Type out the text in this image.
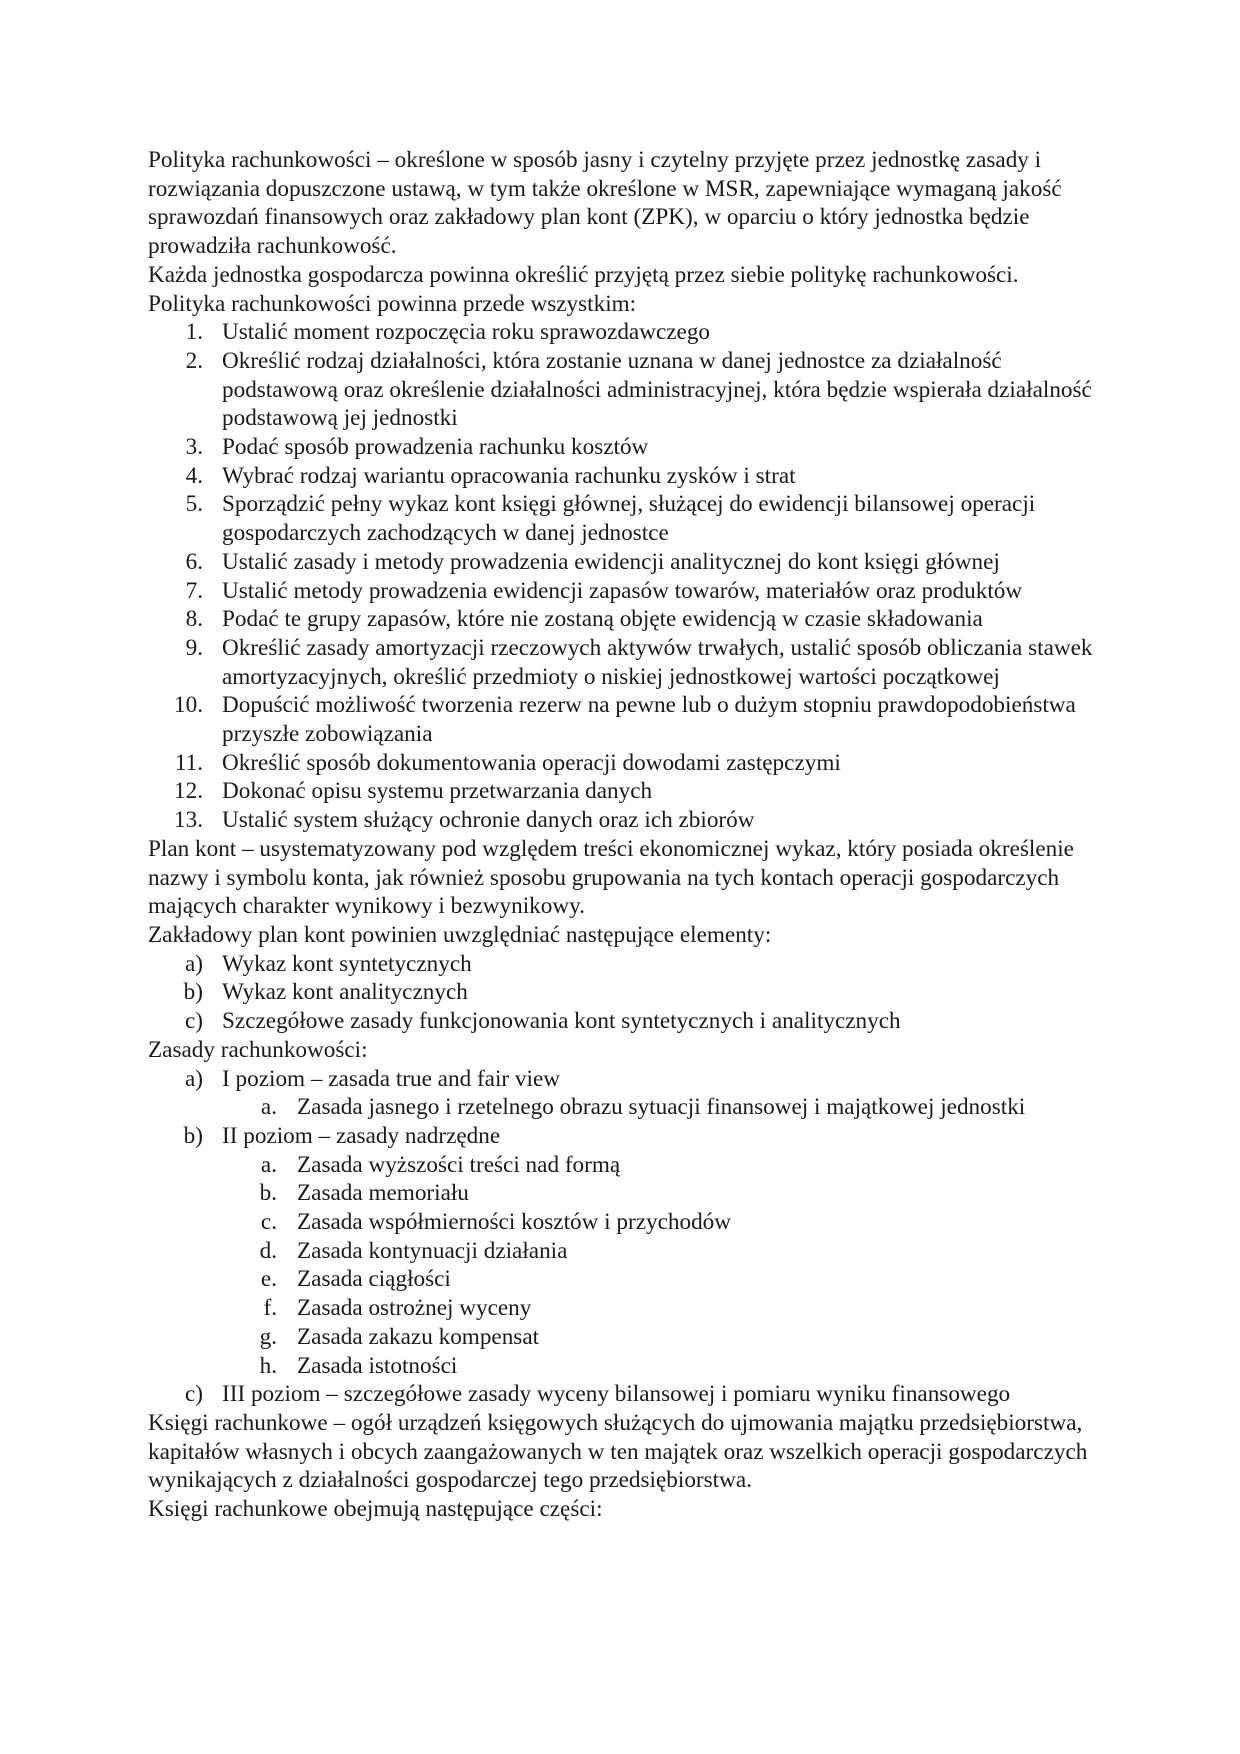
Polityka rachunkowości – określone w sposób jasny i czytelny przyjęte przez jednostkę zasady i rozwiązania dopuszczone ustawą, w tym także określone w MSR, zapewniające wymaganą jakość sprawozdań finansowych oraz zakładowy plan kont (ZPK), w oparciu o który jednostka będzie prowadziła rachunkowość.

Każda jednostka gospodarcza powinna określić przyjętą przez siebie politykę rachunkowości.

Polityka rachunkowości powinna przede wszystkim:

1. Ustalić moment rozpoczęcia roku sprawozdawczego
2. Określić rodzaj działalności, która zostanie uznana w danej jednostce za działalność podstawową oraz określenie działalności administracyjnej, która będzie wspierała działalność podstawową jej jednostki
3. Podać sposób prowadzenia rachunku kosztów
4. Wybrać rodzaj wariantu opracowania rachunku zysków i strat
5. Sporządzić pełny wykaz kont księgi głównej, służącej do ewidencji bilansowej operacji gospodarczych zachodzących w danej jednostce
6. Ustalić zasady i metody prowadzenia ewidencji analitycznej do kont księgi głównej
7. Ustalić metody prowadzenia ewidencji zapasów towarów, materiałów oraz produktów
8. Podać te grupy zapasów, które nie zostaną objęte ewidencją w czasie składowania
9. Określić zasady amortyzacji rzeczowych aktywów trwałych, ustalić sposób obliczania stawek amortyzacyjnych, określić przedmioty o niskiej jednostkowej wartości początkowej
10. Dopuścić możliwość tworzenia rezerw na pewne lub o dużym stopniu prawdopodobieństwa przyszłe zobowiązania
11. Określić sposób dokumentowania operacji dowodami zastępczymi
12. Dokonać opisu systemu przetwarzania danych
13. Ustalić system służący ochronie danych oraz ich zbiorów

Plan kont – usystematyzowany pod względem treści ekonomicznej wykaz, który posiada określenie nazwy i symbolu konta, jak również sposobu grupowania na tych kontach operacji gospodarczych mających charakter wynikowy i bezwynikowy.

Zakładowy plan kont powinien uwzględniać następujące elementy:

a) Wykaz kont syntetycznych
b) Wykaz kont analitycznych
c) Szczegółowe zasady funkcjonowania kont syntetycznych i analitycznych

Zasady rachunkowości:

a) I poziom – zasada true and fair view
a. Zasada jasnego i rzetelnego obrazu sytuacji finansowej i majątkowej jednostki
b) II poziom – zasady nadrzędne
a. Zasada wyższości treści nad formą
b. Zasada memoriału
c. Zasada współmierności kosztów i przychodów
d. Zasada kontynuacji działania
e. Zasada ciągłości
f. Zasada ostrożnej wyceny
g. Zasada zakazu kompensat
h. Zasada istotności
c) III poziom – szczegółowe zasady wyceny bilansowej i pomiaru wyniku finansowego

Księgi rachunkowe – ogół urządzeń księgowych służących do ujmowania majątku przedsiębiorstwa, kapitałów własnych i obcych zaangażowanych w ten majątek oraz wszelkich operacji gospodarczych wynikających z działalności gospodarczej tego przedsiębiorstwa.

Księgi rachunkowe obejmują następujące części:
